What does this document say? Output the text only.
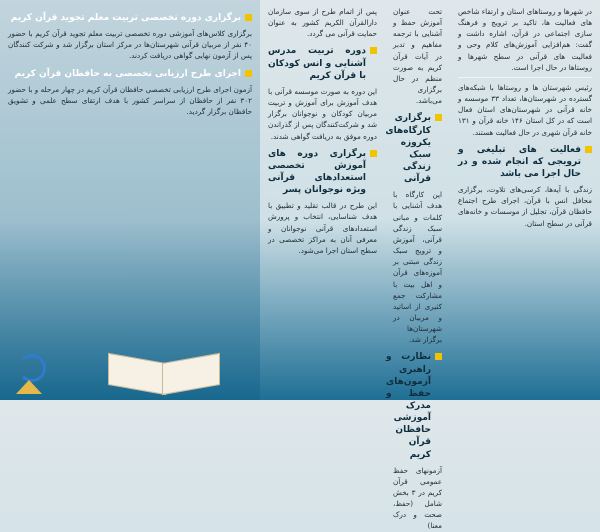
در شهرها و روستاهای استان و ارتقاء شاخص های فعالیت ها، تاکید بر ترویج و فرهنگ سازی اجتماعی در قرآن، اشاره داشت و گفت: هم‌افزایی آموزش‌های کلام وحی و فعالیت های قرآنی در سطح شهرها و روستاها در حال اجرا است.
رئیس شهرستان ها و روستاها با شبکه‌های گسترده در شهرستان‌ها، تعداد ۳۳ موسسه و خانه قرآنی در شهرستان‌های استان فعال است که در کل استان ۱۴۶ خانه قرآن و ۱۳۱ خانه قرآن شهری در حال فعالیت هستند.
فعالیت های تبلیغی و ترویجی که انجام شده و در حال اجرا می باشد
زندگی با آیه‌ها، کرسی‌های تلاوت، برگزاری محافل انس با قرآن، اجرای طرح اجتماع حافظان قرآن، تجلیل از موسسات و خانه‌های قرآنی در سطح استان.
تحت عنوان آموزش حفظ و آشنایی با ترجمه مفاهیم و تدبر در آیات قرآن کریم به صورت منظم در حال برگزاری می‌باشد.
برگزاری کارگاه‌های یکروزه سبک زندگی قرآنی
این کارگاه با هدف آشنایی با کلمات و مبانی سبک زندگی قرآنی، آموزش و ترویج سبک زندگی مبتنی بر آموزه‌های قرآن و اهل بیت با مشارکت جمع کثیری از اساتید و مربیان در شهرستان‌ها برگزار شد.
نظارت و راهبری آزمون‌های حفظ و مدرک آموزشی حافظان قرآن کریم
آزمونهای حفظ عمومی قرآن کریم در ۳ بخش شامل (حفظ، صحت و درک معنا)
پس از اتمام طرح از سوی سازمان دارالقرآن الکریم کشور به عنوان حمایت قرآنی می گردد.
دوره تربیت مدرس آشنایی و انس کودکان با قرآن کریم
این دوره به صورت موسسه قرآنی با هدف آموزش برای آموزش و تربیت مربیان کودکان و نوجوانان برگزار شد و شرکت‌کنندگان پس از گذراندن دوره موفق به دریافت گواهی شدند.
برگزاری دوره های آموزش تخصصی استعدادهای قرآنی ویژه نوجوانان پسر
این طرح در قالب تقلید و تطبیق با هدف شناسایی، انتخاب و پرورش استعدادهای قرآنی نوجوانان و معرفی آنان به مراکز تخصصی در سطح استان اجرا می‌شود.
برگزاری دوره تخصصی تربیت معلم تجوید قرآن کریم
برگزاری کلاس‌های آموزشی دوره تخصصی تربیت معلم تجوید قرآن کریم با حضور ۴۰ نفر از مربیان قرآنی شهرستان‌ها در مرکز استان برگزار شد و شرکت کنندگان پس از آزمون نهایی گواهی دریافت کردند.
اجرای طرح ارزیابی تخصصی به حافظان قرآن کریم
آزمون اجرای طرح ارزیابی تخصصی حافظان قرآن کریم در چهار مرحله و با حضور ۳۰۲ نفر از حافظان از سراسر کشور با هدف ارتقای سطح علمی و تشویق حافظان برگزار گردید.
